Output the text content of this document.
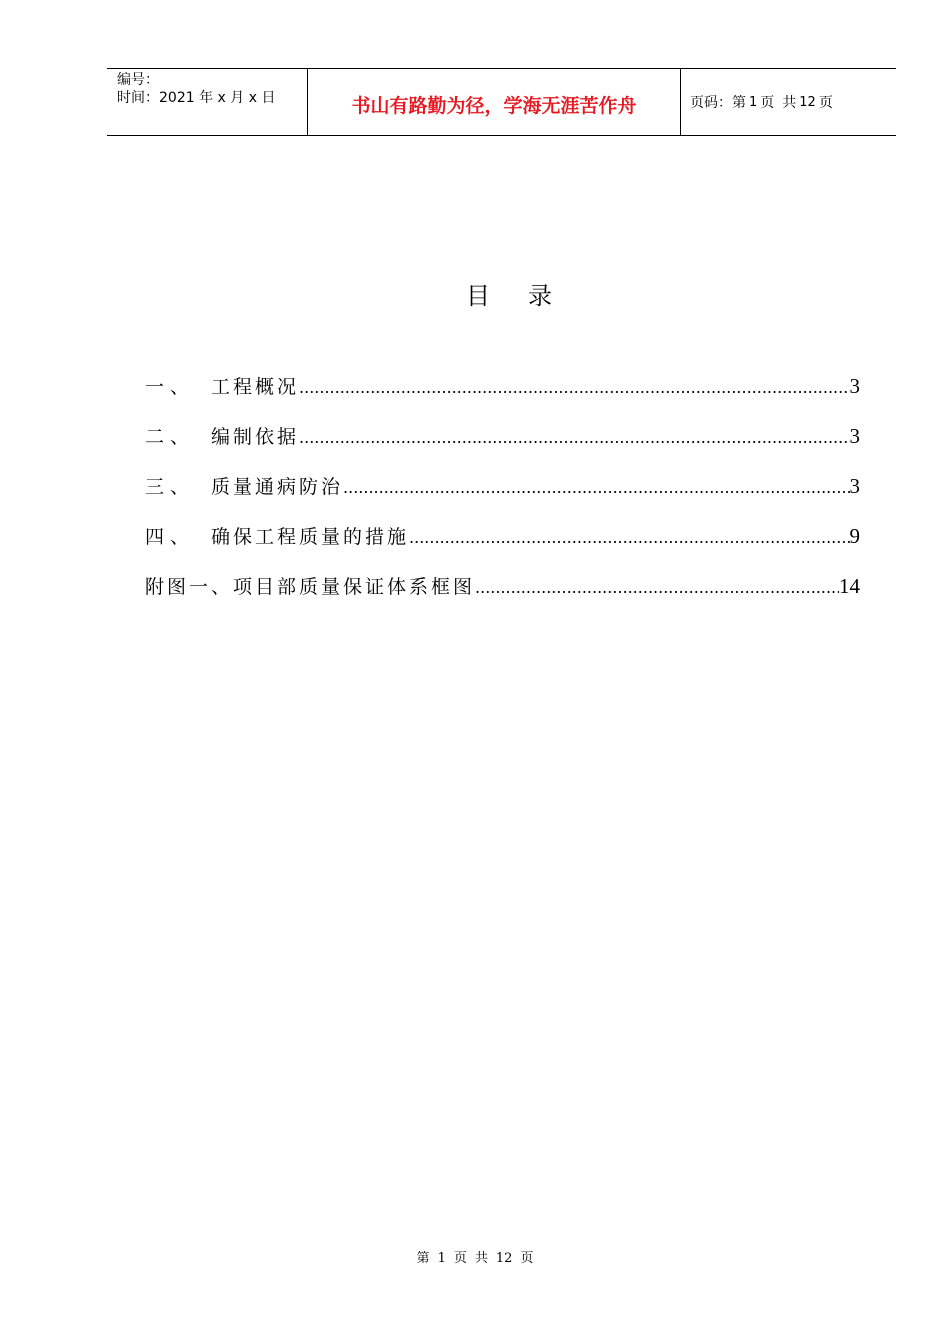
编号：
时间：2021 年 x 月 x 日	书山有路勤为径，学海无涯苦作舟	页码：第 1 页 共 12 页
目录
一、 工程概况 .....	3
二、 编制依据 .....	3
三、 质量通病防治 .....	3
四、 确保工程质量的措施 .....	9
附图一、项目部质量保证体系框图 .....	14
第 1 页 共 12 页
